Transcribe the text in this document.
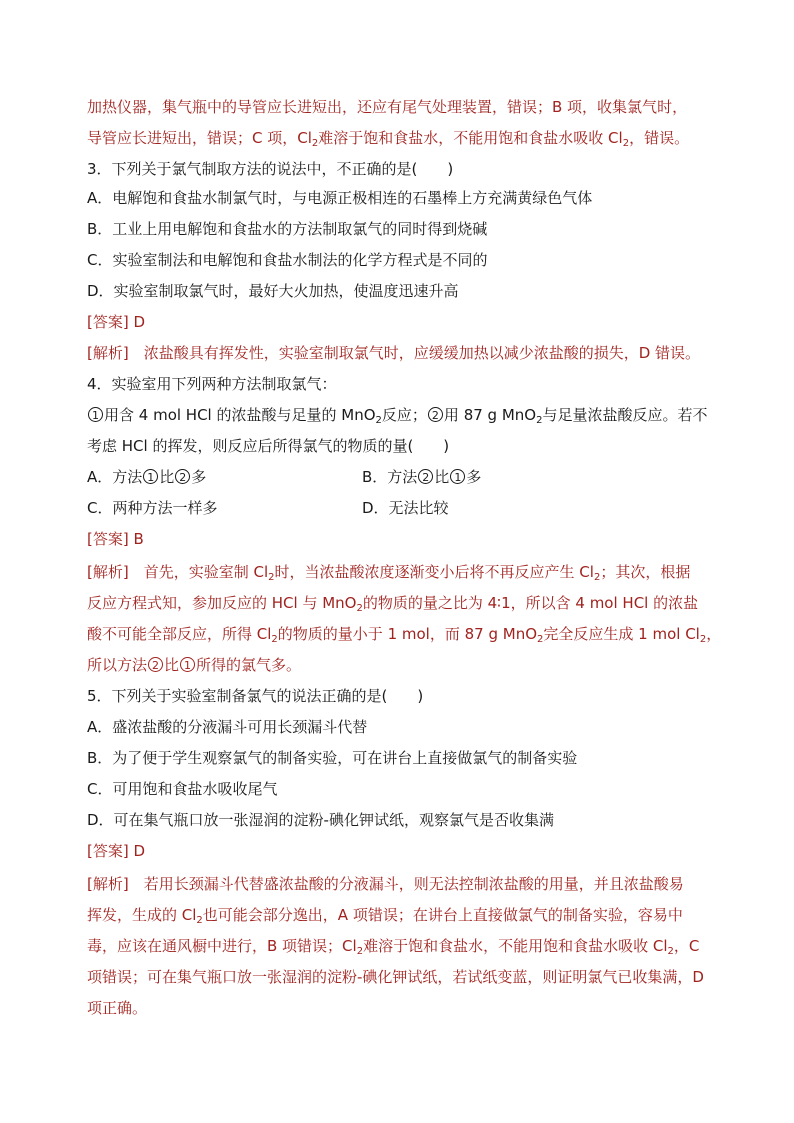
加热仪器，集气瓶中的导管应长进短出，还应有尾气处理装置，错误；B 项，收集氯气时，
导管应长进短出，错误；C 项，$Cl_2$难溶于饱和食盐水，不能用饱和食盐水吸收 $Cl_2$，错误。
3．下列关于氯气制取方法的说法中，不正确的是(　　)
A．电解饱和食盐水制氯气时，与电源正极相连的石墨棒上方充满黄绿色气体
B．工业上用电解饱和食盐水的方法制取氯气的同时得到烧碱
C．实验室制法和电解饱和食盐水制法的化学方程式是不同的
D．实验室制取氯气时，最好大火加热，使温度迅速升高
[答案] D
[解析]　 浓盐酸具有挥发性，实验室制取氯气时，应缓缓加热以减少浓盐酸的损失，D 错误。
4．实验室用下列两种方法制取氯气：
1 用含 4 mol HCl 的浓盐酸与足量的 MnO$_2$反应； 2 用 87 g MnO$_2$与足量浓盐酸反应。若不
考虑 HCl 的挥发，则反应后所得氯气的物质的量(　　)
A．方法 1 比 2 多	B．方法 2 比 1 多
C．两种方法一样多	D．无法比较
[答案] B
[解析]　 首先，实验室制 $Cl_2$时，当浓盐酸浓度逐渐变小后将不再反应产生 $Cl_2$；其次，根据
反应方程式知，参加反应的 HCl 与 MnO$_2$的物质的量之比为 4∶1，所以含 4 mol HCl 的浓盐
酸不可能全部反应，所得 $Cl_2$的物质的量小于 1 mol，而 87 g MnO$_2$完全反应生成 1 mol $Cl_2$，
所以方法 2 比 1 所得的氯气多。
5．下列关于实验室制备氯气的说法正确的是(　　)
A．盛浓盐酸的分液漏斗可用长颈漏斗代替
B．为了便于学生观察氯气的制备实验，可在讲台上直接做氯气的制备实验
C．可用饱和食盐水吸收尾气
D．可在集气瓶口放一张湿润的淀粉-碘化钾试纸，观察氯气是否收集满
[答案] D
[解析]　 若用长颈漏斗代替盛浓盐酸的分液漏斗，则无法控制浓盐酸的用量，并且浓盐酸易
挥发，生成的 $Cl_2$也可能会部分逸出，A 项错误；在讲台上直接做氯气的制备实验，容易中
毒，应该在通风橱中进行，B 项错误；$Cl_2$难溶于饱和食盐水，不能用饱和食盐水吸收 $Cl_2$，C
项错误；可在集气瓶口放一张湿润的淀粉-碘化钾试纸，若试纸变蓝，则证明氯气已收集满，D
项正确。
